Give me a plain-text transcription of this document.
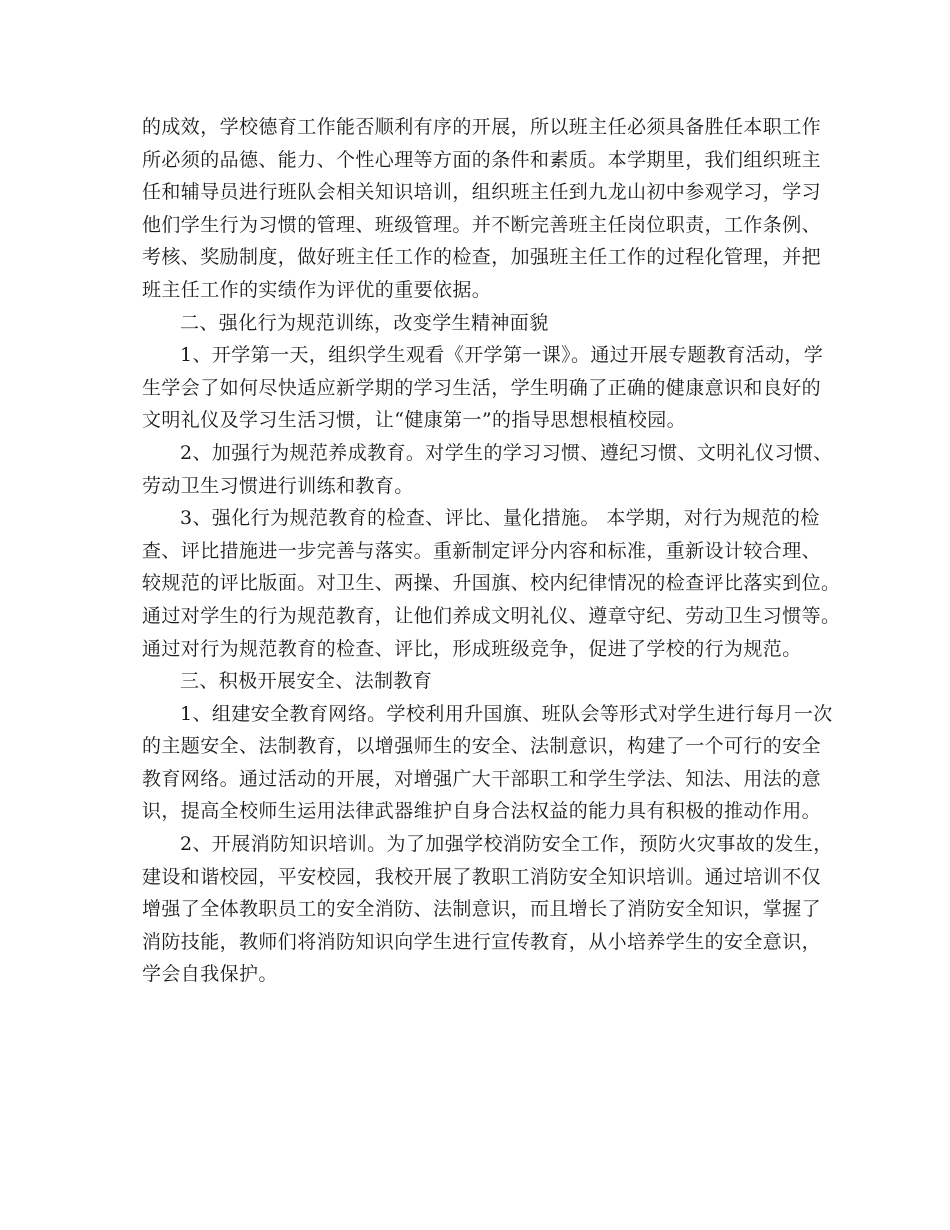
的成效，学校德育工作能否顺利有序的开展，所以班主任必须具备胜任本职工作
所必须的品德、能力、个性心理等方面的条件和素质。本学期里，我们组织班主
任和辅导员进行班队会相关知识培训，组织班主任到九龙山初中参观学习，学习
他们学生行为习惯的管理、班级管理。并不断完善班主任岗位职责，工作条例、
考核、奖励制度，做好班主任工作的检查，加强班主任工作的过程化管理，并把
班主任工作的实绩作为评优的重要依据。
二、强化行为规范训练，改变学生精神面貌
1、开学第一天，组织学生观看《开学第一课》。通过开展专题教育活动，学
生学会了如何尽快适应新学期的学习生活，学生明确了正确的健康意识和良好的
文明礼仪及学习生活习惯，让“健康第一”的指导思想根植校园。
2、加强行为规范养成教育。对学生的学习习惯、遵纪习惯、文明礼仪习惯、
劳动卫生习惯进行训练和教育。
3、强化行为规范教育的检查、评比、量化措施。 本学期，对行为规范的检
查、评比措施进一步完善与落实。重新制定评分内容和标准，重新设计较合理、
较规范的评比版面。对卫生、两操、升国旗、校内纪律情况的检查评比落实到位。
通过对学生的行为规范教育，让他们养成文明礼仪、遵章守纪、劳动卫生习惯等。
通过对行为规范教育的检查、评比，形成班级竞争，促进了学校的行为规范。
三、积极开展安全、法制教育
1、组建安全教育网络。学校利用升国旗、班队会等形式对学生进行每月一次
的主题安全、法制教育，以增强师生的安全、法制意识，构建了一个可行的安全
教育网络。通过活动的开展，对增强广大干部职工和学生学法、知法、用法的意
识，提高全校师生运用法律武器维护自身合法权益的能力具有积极的推动作用。
2、开展消防知识培训。为了加强学校消防安全工作，预防火灾事故的发生，
建设和谐校园，平安校园，我校开展了教职工消防安全知识培训。通过培训不仅
增强了全体教职员工的安全消防、法制意识，而且增长了消防安全知识，掌握了
消防技能，教师们将消防知识向学生进行宣传教育，从小培养学生的安全意识，
学会自我保护。
